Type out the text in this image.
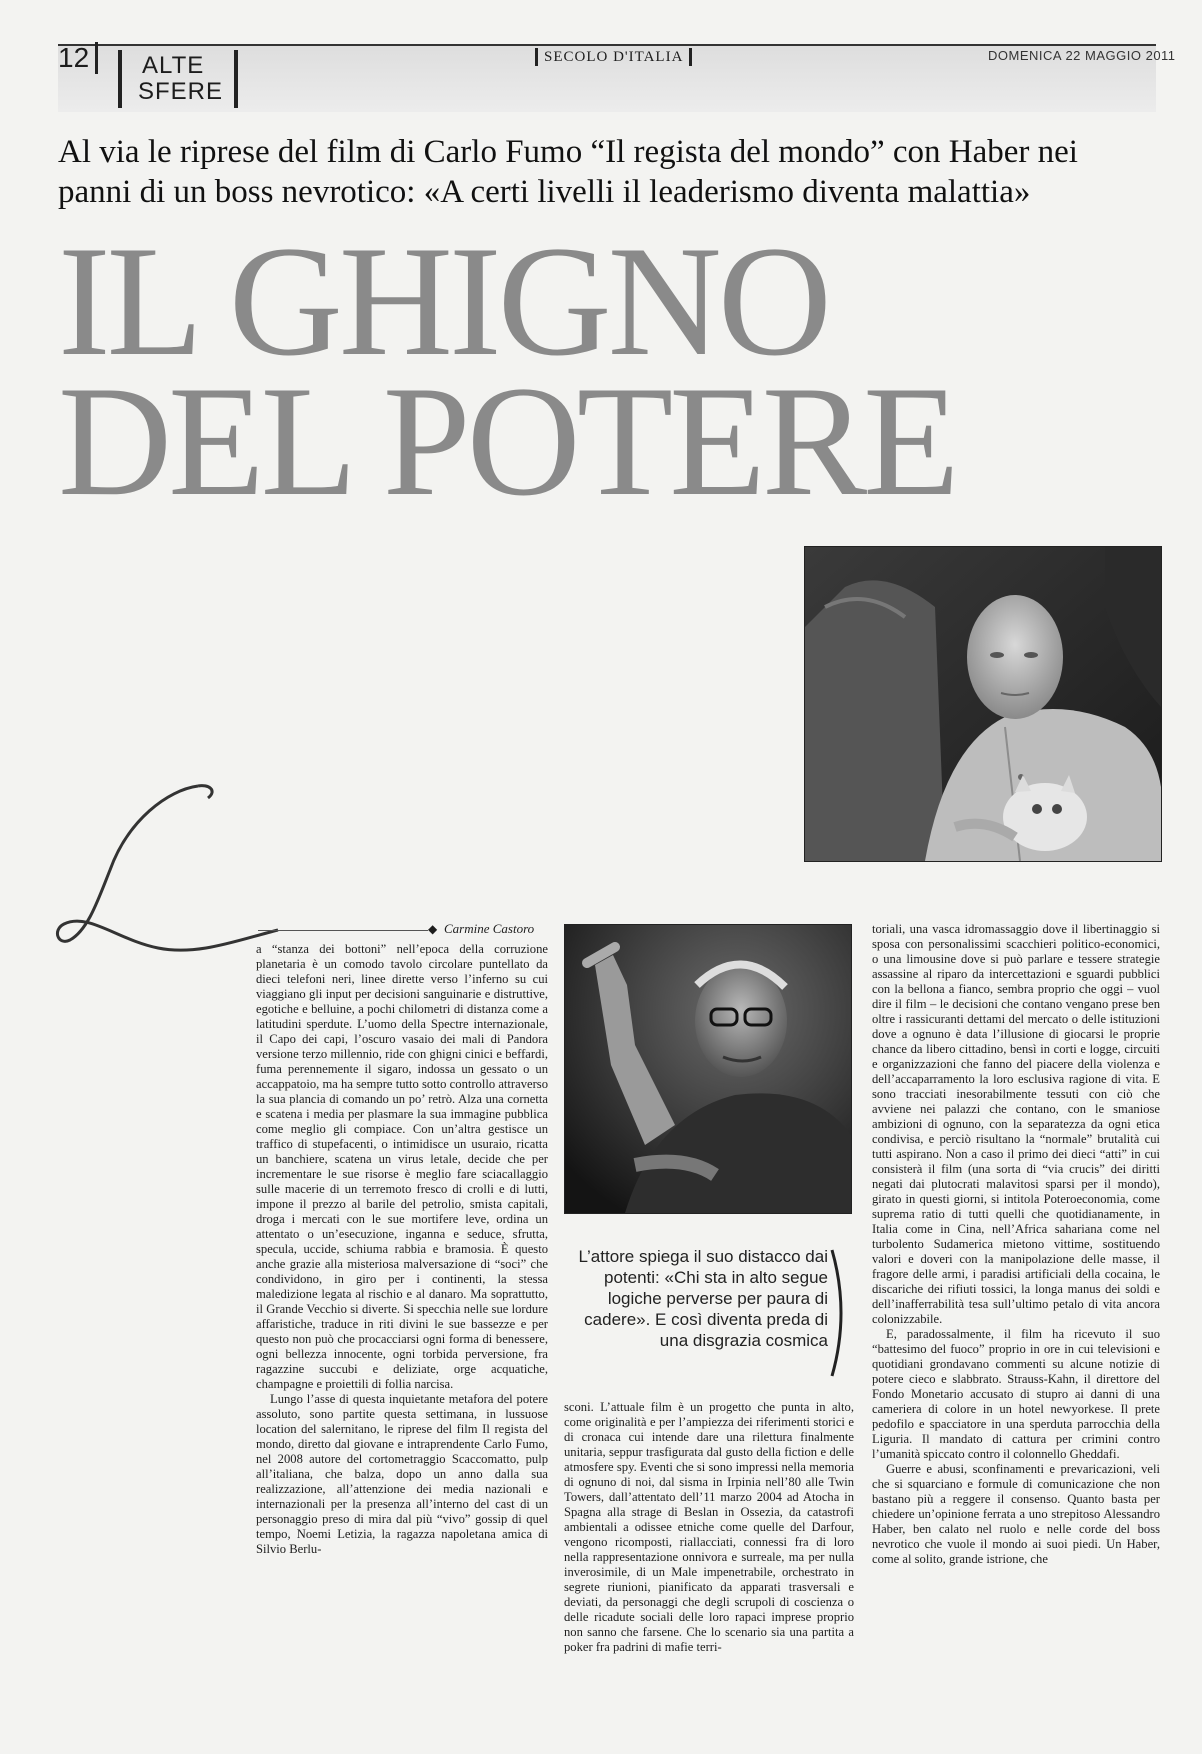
12	ALTE
SFERE
SECOLO D'ITALIA	DOMENICA 22 MAGGIO 2011
Al via le riprese del film di Carlo Fumo “Il regista del mondo” con Haber nei panni di un boss nevrotico: «A certi livelli il leaderismo diventa malattia»
IL GHIGNO
DEL POTERE
◆ Carmine Castoro

a “stanza dei bottoni” nell’epoca della corruzione planetaria è un comodo tavolo circolare puntellato da dieci telefoni neri, linee dirette verso l’inferno su cui viaggiano gli input per decisioni sanguinarie e distruttive, egotiche e belluine, a pochi chilometri di distanza come a latitudini sperdute. L’uomo della Spectre internazionale, il Capo dei capi, l’oscuro vasaio dei mali di Pandora versione terzo millennio, ride con ghigni cinici e beffardi, fuma perennemente il sigaro, indossa un gessato o un accappatoio, ma ha sempre tutto sotto controllo attraverso la sua plancia di comando un po’ retrò. Alza una cornetta e scatena i media per plasmare la sua immagine pubblica come meglio gli compiace. Con un’altra gestisce un traffico di stupefacenti, o intimidisce un usuraio, ricatta un banchiere, scatena un virus letale, decide che per incrementare le sue risorse è meglio fare sciacallaggio sulle macerie di un terremoto fresco di crolli e di lutti, impone il prezzo al barile del petrolio, smista capitali, droga i mercati con le sue mortifere leve, ordina un attentato o un’esecuzione, inganna e seduce, sfrutta, specula, uccide, schiuma rabbia e bramosia. È questo anche grazie alla misteriosa malversazione di “soci” che condividono, in giro per i continenti, la stessa maledizione legata al rischio e al danaro. Ma soprattutto, il Grande Vecchio si diverte. Si specchia nelle sue lordure affaristiche, traduce in riti divini le sue bassezze e per questo non può che procacciarsi ogni forma di benessere, ogni bellezza innocente, ogni torbida perversione, fra ragazzine succubi e deliziate, orge acquatiche, champagne e proiettili di follia narcisa.

Lungo l’asse di questa inquietante metafora del potere assoluto, sono partite questa settimana, in lussuose location del salernitano, le riprese del film Il regista del mondo, diretto dal giovane e intraprendente Carlo Fumo, nel 2008 autore del cortometraggio Scaccomatto, pulp all’italiana, che balza, dopo un anno dalla sua realizzazione, all’attenzione dei media nazionali e internazionali per la presenza all’interno del cast di un personaggio preso di mira dal più “vivo” gossip di quel tempo, Noemi Letizia, la ragazza napoletana amica di Silvio Berlu-

L’attore spiega il suo distacco dai potenti: «Chi sta in alto segue logiche perverse per paura di cadere». E così diventa preda di una disgrazia cosmica

sconi. L’attuale film è un progetto che punta in alto, come originalità e per l’ampiezza dei riferimenti storici e di cronaca cui intende dare una rilettura finalmente unitaria, seppur trasfigurata dal gusto della fiction e delle atmosfere spy. Eventi che si sono impressi nella memoria di ognuno di noi, dal sisma in Irpinia nell’80 alle Twin Towers, dall’attentato dell’11 marzo 2004 ad Atocha in Spagna alla strage di Beslan in Ossezia, da catastrofi ambientali a odissee etniche come quelle del Darfour, vengono ricomposti, riallacciati, connessi fra di loro nella rappresentazione onnivora e surreale, ma per nulla inverosimile, di un Male impenetrabile, orchestrato in segrete riunioni, pianificato da apparati trasversali e deviati, da personaggi che degli scrupoli di coscienza o delle ricadute sociali delle loro rapaci imprese proprio non sanno che farsene. Che lo scenario sia una partita a poker fra padrini di mafie terri-

toriali, una vasca idromassaggio dove il libertinaggio si sposa con personalissimi scacchieri politico-economici, o una limousine dove si può parlare e tessere strategie assassine al riparo da intercettazioni e sguardi pubblici con la bellona a fianco, sembra proprio che oggi – vuol dire il film – le decisioni che contano vengano prese ben oltre i rassicuranti dettami del mercato o delle istituzioni dove a ognuno è data l’illusione di giocarsi le proprie chance da libero cittadino, bensì in corti e logge, circuiti e organizzazioni che fanno del piacere della violenza e dell’accaparramento la loro esclusiva ragione di vita. E sono tracciati inesorabilmente tessuti con ciò che avviene nei palazzi che contano, con le smaniose ambizioni di ognuno, con la separatezza da ogni etica condivisa, e perciò risultano la “normale” brutalità cui tutti aspirano. Non a caso il primo dei dieci “atti” in cui consisterà il film (una sorta di “via crucis” dei diritti negati dai plutocrati malavitosi sparsi per il mondo), girato in questi giorni, si intitola Poteroeconomia, come suprema ratio di tutti quelli che quotidianamente, in Italia come in Cina, nell’Africa sahariana come nel turbolento Sudamerica mietono vittime, sostituendo valori e doveri con la manipolazione delle masse, il fragore delle armi, i paradisi artificiali della cocaina, le discariche dei rifiuti tossici, la longa manus dei soldi e dell’inafferrabilità tesa sull’ultimo petalo di vita ancora colonizzabile.

E, paradossalmente, il film ha ricevuto il suo “battesimo del fuoco” proprio in ore in cui televisioni e quotidiani grondavano commenti su alcune notizie di potere cieco e slabbrato. Strauss-Kahn, il direttore del Fondo Monetario accusato di stupro ai danni di una cameriera di colore in un hotel newyorkese. Il prete pedofilo e spacciatore in una sperduta parrocchia della Liguria. Il mandato di cattura per crimini contro l’umanità spiccato contro il colonnello Gheddafi.

Guerre e abusi, sconfinamenti e prevaricazioni, veli che si squarciano e formule di comunicazione che non bastano più a reggere il consenso. Quanto basta per chiedere un’opinione ferrata a uno strepitoso Alessandro Haber, ben calato nel ruolo e nelle corde del boss nevrotico che vuole il mondo ai suoi piedi. Un Haber, come al solito, grande istrione, che
